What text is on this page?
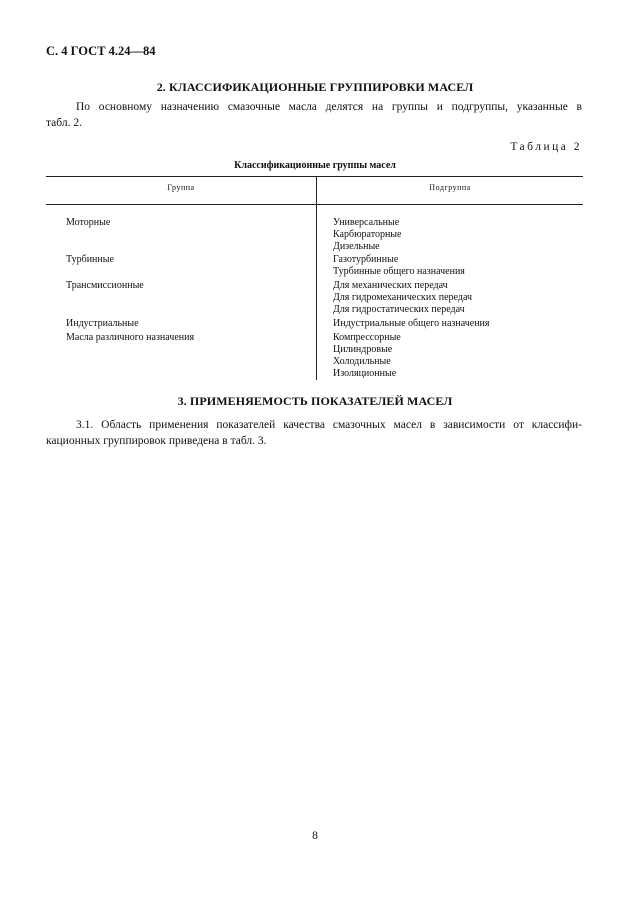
С. 4 ГОСТ 4.24—84
2. КЛАССИФИКАЦИОННЫЕ ГРУППИРОВКИ МАСЕЛ
По основному назначению смазочные масла делятся на группы и подгруппы, указанные в
табл. 2.
Таблица 2
Классификационные группы масел
Группа	Подгруппа
Моторные	Универсальные
Карбюраторные
Дизельные
Турбинные	Газотурбинные
Турбинные общего назначения
Трансмиссионные	Для механических передач
Для гидромеханических передач
Для гидростатических передач
Индустриальные	Индустриальные общего назначения
Масла различного назначения	Компрессорные
Цилиндровые
Холодильные
Изоляционные
3. ПРИМЕНЯЕМОСТЬ ПОКАЗАТЕЛЕЙ МАСЕЛ
3.1. Область применения показателей качества смазочных масел в зависимости от классифи-
кационных группировок приведена в табл. 3.
8
